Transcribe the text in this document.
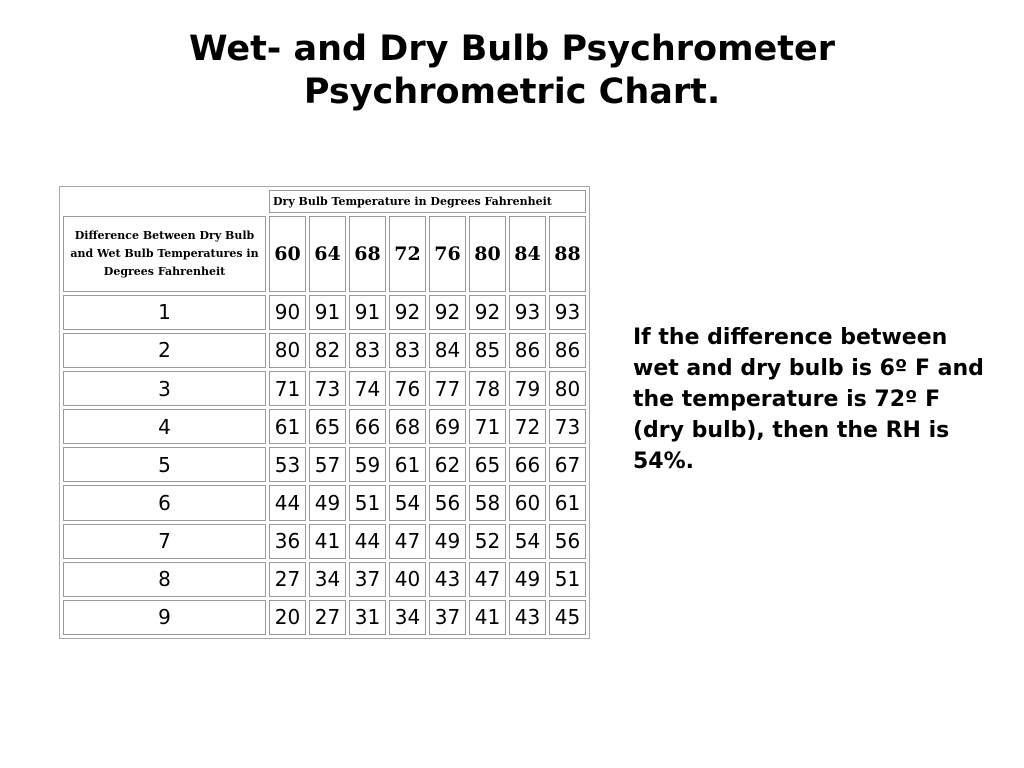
Wet- and Dry Bulb Psychrometer
Psychrometric Chart.
	Dry Bulb Temperature in Degrees Fahrenheit							
Difference Between Dry Bulb and Wet Bulb Temperatures in Degrees Fahrenheit	60	64	68	72	76	80	84	88
1	90	91	91	92	92	92	93	93
2	80	82	83	83	84	85	86	86
3	71	73	74	76	77	78	79	80
4	61	65	66	68	69	71	72	73
5	53	57	59	61	62	65	66	67
6	44	49	51	54	56	58	60	61
7	36	41	44	47	49	52	54	56
8	27	34	37	40	43	47	49	51
9	20	27	31	34	37	41	43	45
If the difference between wet and dry bulb is 6º F and the temperature is 72º F (dry bulb), then the RH is 54%.
